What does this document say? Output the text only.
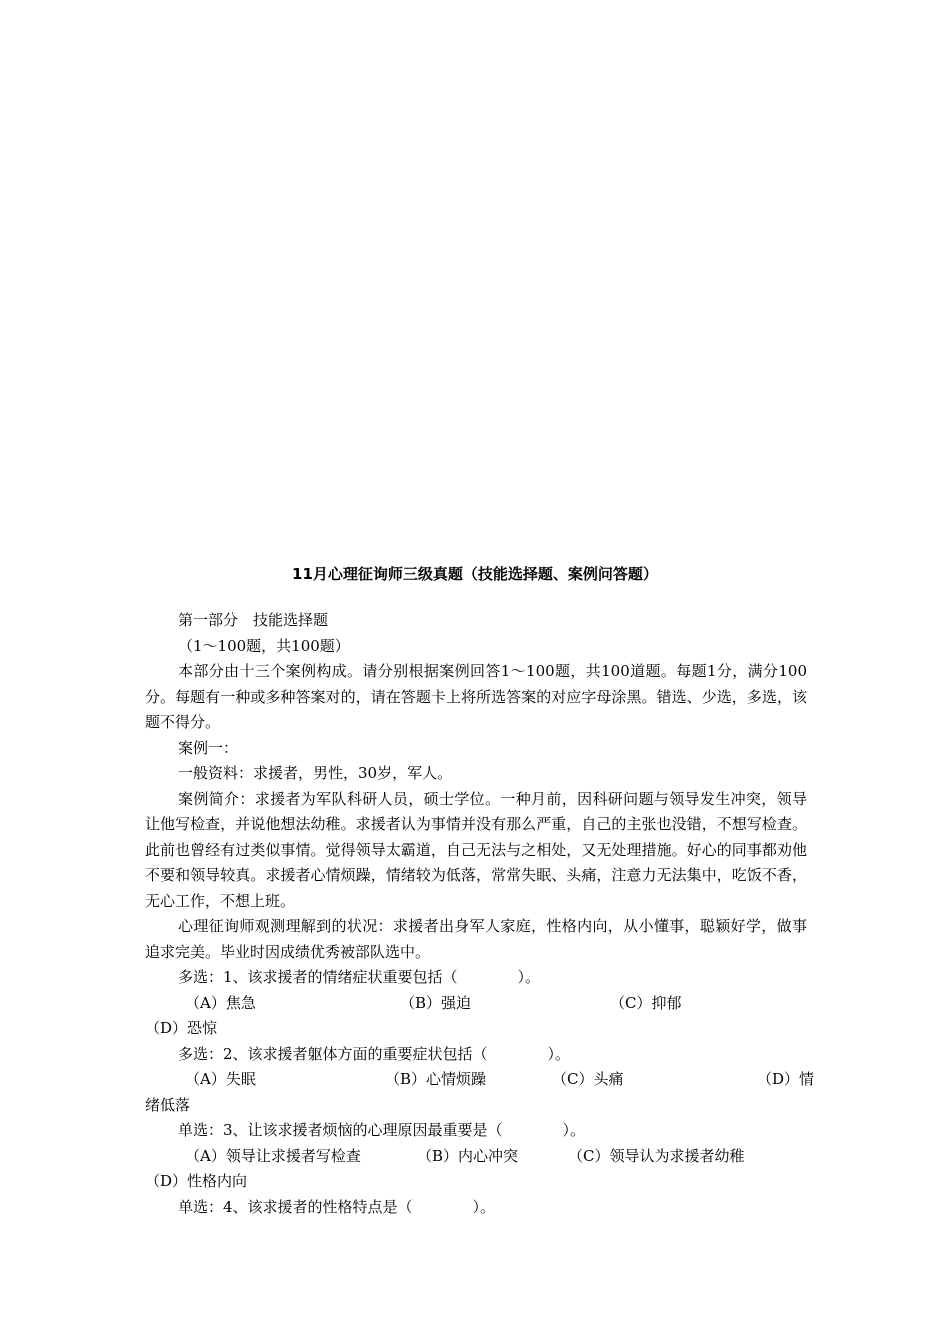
11月心理征询师三级真题（技能选择题、案例问答题）

第一部分　技能选择题

（1～100题，共100题）

本部分由十三个案例构成。请分别根据案例回答1～100题，共100道题。每题1分，满分100分。每题有一种或多种答案对的，请在答题卡上将所选答案的对应字母涂黑。错选、少选，多选，该题不得分。

案例一：

一般资料：求援者，男性，30岁，军人。

案例简介：求援者为军队科研人员，硕士学位。一种月前，因科研问题与领导发生冲突，领导让他写检查，并说他想法幼稚。求援者认为事情并没有那么严重，自己的主张也没错，不想写检查。此前也曾经有过类似事情。觉得领导太霸道，自己无法与之相处，又无处理措施。好心的同事都劝他不要和领导较真。求援者心情烦躁，情绪较为低落，常常失眠、头痛，注意力无法集中，吃饭不香，无心工作，不想上班。

心理征询师观测理解到的状况：求援者出身军人家庭，性格内向，从小懂事，聪颖好学，做事追求完美。毕业时因成绩优秀被部队选中。

多选：1、该求援者的情绪症状重要包括（　　　　）。

（A）焦急	（B）强迫	（C）抑郁

（D）恐惊

多选：2、该求援者躯体方面的重要症状包括（　　　　）。

（A）失眠	（B）心情烦躁	（C）头痛	（D）情

绪低落

单选：3、让该求援者烦恼的心理原因最重要是（　　　　）。

（A）领导让求援者写检查	（B）内心冲突	（C）领导认为求援者幼稚

（D）性格内向

单选：4、该求援者的性格特点是（　　　　）。
